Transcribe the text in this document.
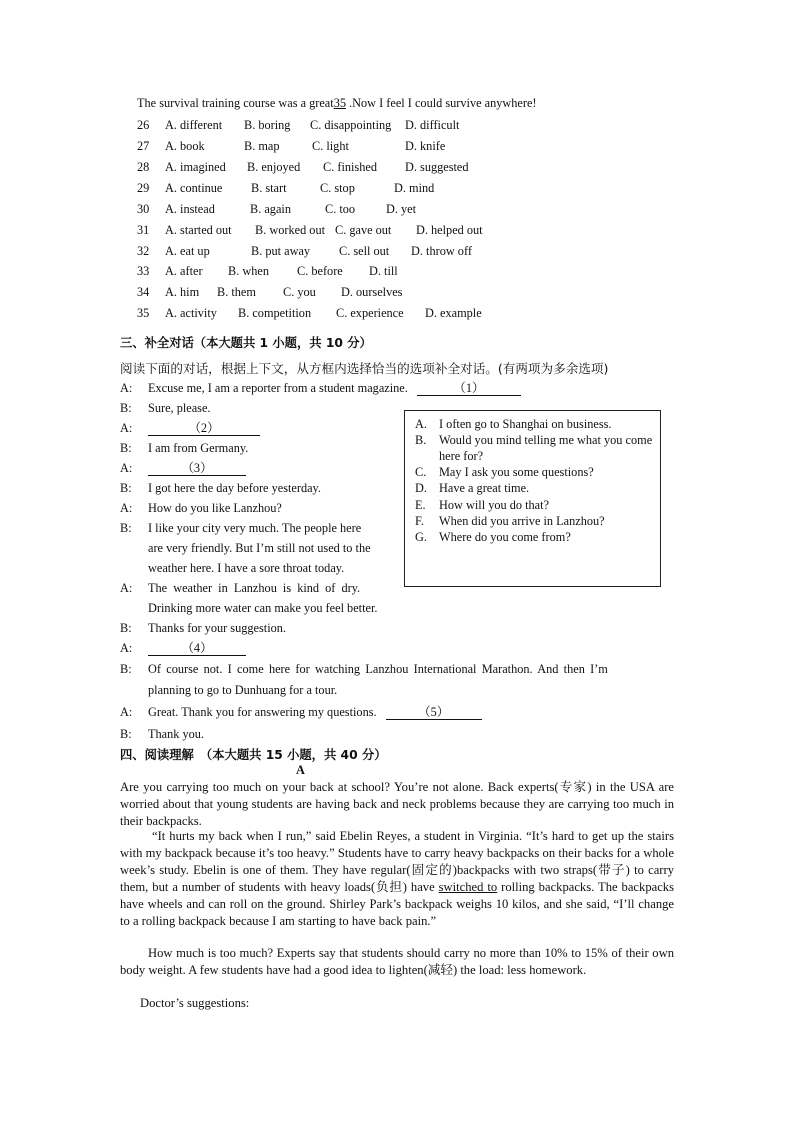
The survival training course was a great35 .Now I feel I could survive anywhere!
26 A. different B. boring C. disappointing D. difficult
27 A. book	B. map	C. light	D. knife
28 A. imagined B. enjoyed C. finished D. suggested
29 A. continue B. start	C. stop	D. mind
30 A. instead	B. again	C. too	D. yet
31 A. started out B. worked out C. gave out D. helped out
32 A. eat up	B. put away C. sell out D. throw off
33 A. after B. when C. before D. till
34 A. him B. them C. you D. ourselves
35 A. activity B. competition C. experience D. example
三、补全对话（本大题共 1 小题，共 10 分）
阅读下面的对话，根据上下文，从方框内选择恰当的选项补全对话。(有两项为多余选项)
A: Excuse me, I am a reporter from a student magazine.	（1）
B: Sure, please.
A:	（2）
B: I am from Germany.
A:	（3）
B: I got here the day before yesterday.
A: How do you like Lanzhou?
B: I like your city very much. The people here
are very friendly. But I’m still not used to the
weather here. I have a sore throat today.
A: The weather in Lanzhou is kind of dry.
Drinking more water can make you feel better.
B: Thanks for your suggestion.
A:	（4）
B: Of course not. I come here for watching Lanzhou International Marathon. And then I’m
planning to go to Dunhuang for a tour.
A: Great. Thank you for answering my questions.	（5）
B: Thank you.
A. I often go to Shanghai on business.
B. Would you mind telling me what you come here for?
C. May I ask you some questions?
D. Have a great time.
E. How will you do that?
F. When did you arrive in Lanzhou?
G. Where do you come from?
四、阅读理解　（本大题共 15 小题，共 40 分）
A
Are you carrying too much on your back at school? You’re not alone. Back experts(专家) in the USA are worried about that young students are having back and neck problems because they are carrying too much in their backpacks.
“It hurts my back when I run,” said Ebelin Reyes, a student in Virginia. “It’s hard to get up the stairs with my backpack because it’s too heavy.” Students have to carry heavy backpacks on their backs for a whole week’s study. Ebelin is one of them. They have regular(固定的)backpacks with two straps(带子) to carry them, but a number of students with heavy loads(负担) have switched to rolling backpacks. The backpacks have wheels and can roll on the ground. Shirley Park’s backpack weighs 10 kilos, and she said, “I’ll change to a rolling backpack because I am starting to have back pain.”
How much is too much? Experts say that students should carry no more than 10% to 15% of their own body weight. A few students have had a good idea to lighten(减轻) the load: less homework.
Doctor’s suggestions:
